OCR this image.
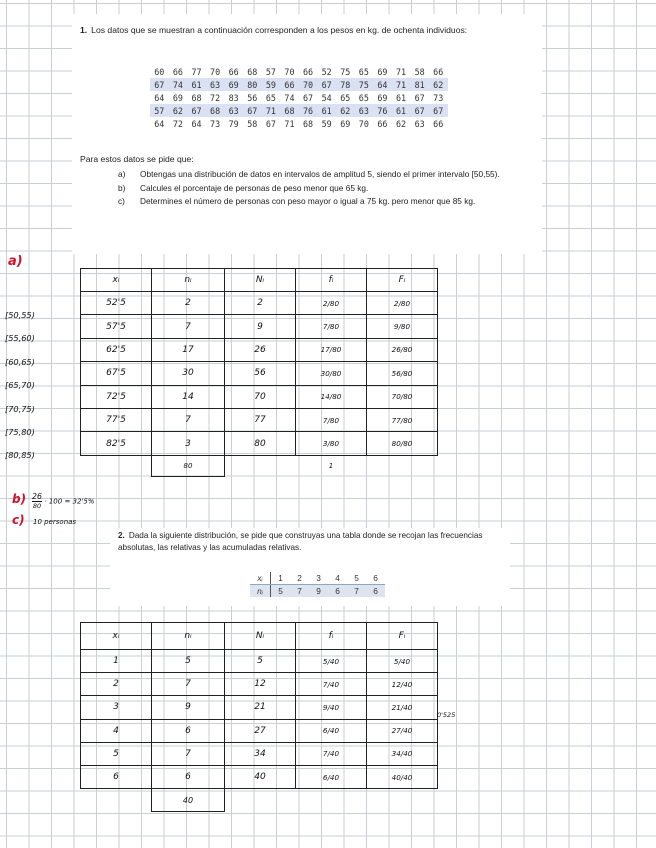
1. Los datos que se muestran a continuación corresponden a los pesos en kg. de ochenta individuos:
60	66	77	70	66	68	57	70	66	52	75	65	69	71	58	66
67	74	61	63	69	80	59	66	70	67	78	75	64	71	81	62
64	69	68	72	83	56	65	74	67	54	65	65	69	61	67	73
57	62	67	68	63	67	71	68	76	61	62	63	76	61	67	67
64	72	64	73	79	58	67	71	68	59	69	70	66	62	63	66
Para estos datos se pide que:
a) Obtengas una distribución de datos en intervalos de amplitud 5, siendo el primer intervalo [50,55).
b) Calcules el porcentaje de personas de peso menor que 65 kg.
c) Determines el número de personas con peso mayor o igual a 75 kg. pero menor que 85 kg.
a)
[50,55)
[55,60)
[60,65)
[65,70)
[70,75)
[75,80)
[80,85)
xᵢ	nᵢ	Nᵢ	fᵢ	Fᵢ
52'5	2	2	2/80	2/80
57'5	7	9	7/80	9/80
62'5	17	26	17/80	26/80
67'5	30	56	30/80	56/80
72'5	14	70	14/80	70/80
77'5	7	77	7/80	77/80
82'5	3	80	3/80	80/80
	80		1	
b) 26
80
· 100 = 32'5%
c) 10 personas
2. Dada la siguiente distribución, se pide que construyas una tabla donde se recojan las frecuencias absolutas, las relativas y las acumuladas relativas.
xᵢ	1	2	3	4	5	6
nᵢ	5	7	9	6	7	6
xᵢ	nᵢ	Nᵢ	fᵢ	Fᵢ
1	5	5	5/40	5/40
2	7	12	7/40	12/40
3	9	21	9/40	21/40
4	6	27	6/40	27/40
5	7	34	7/40	34/40
6	6	40	6/40	40/40
	40			
0'525
